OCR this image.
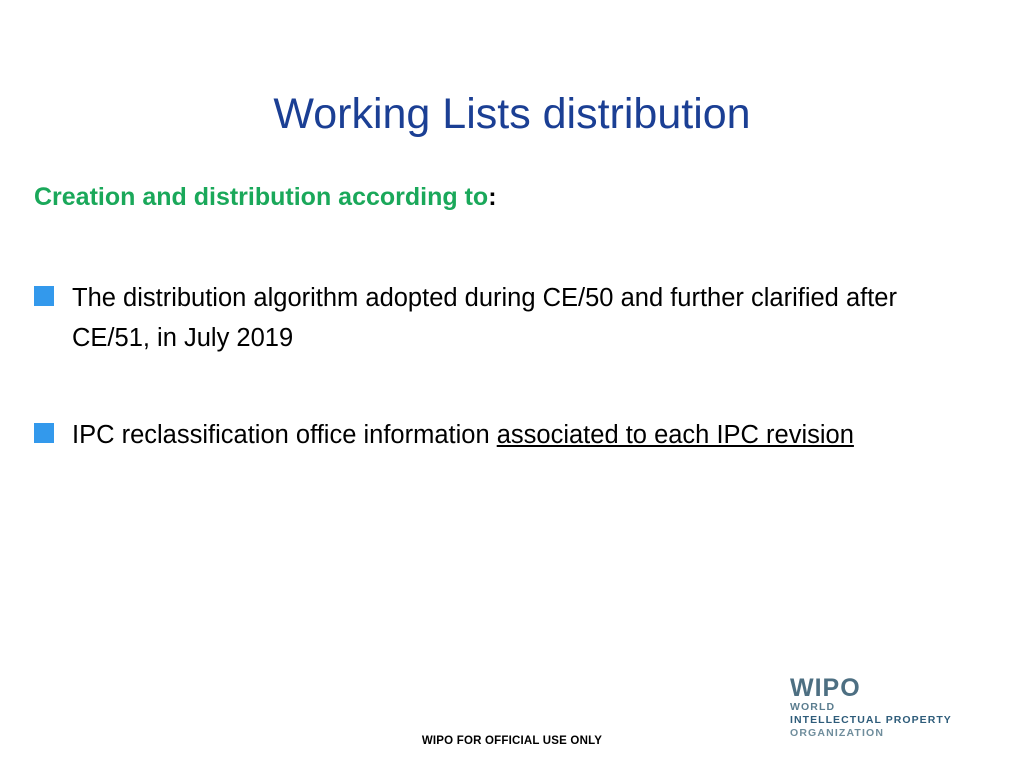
Working Lists distribution
Creation and distribution according to:
The distribution algorithm adopted during CE/50 and further clarified after CE/51, in July 2019
IPC reclassification office information associated to each IPC revision
WIPO
WORLD
INTELLECTUAL PROPERTY
ORGANIZATION
WIPO FOR OFFICIAL USE ONLY
